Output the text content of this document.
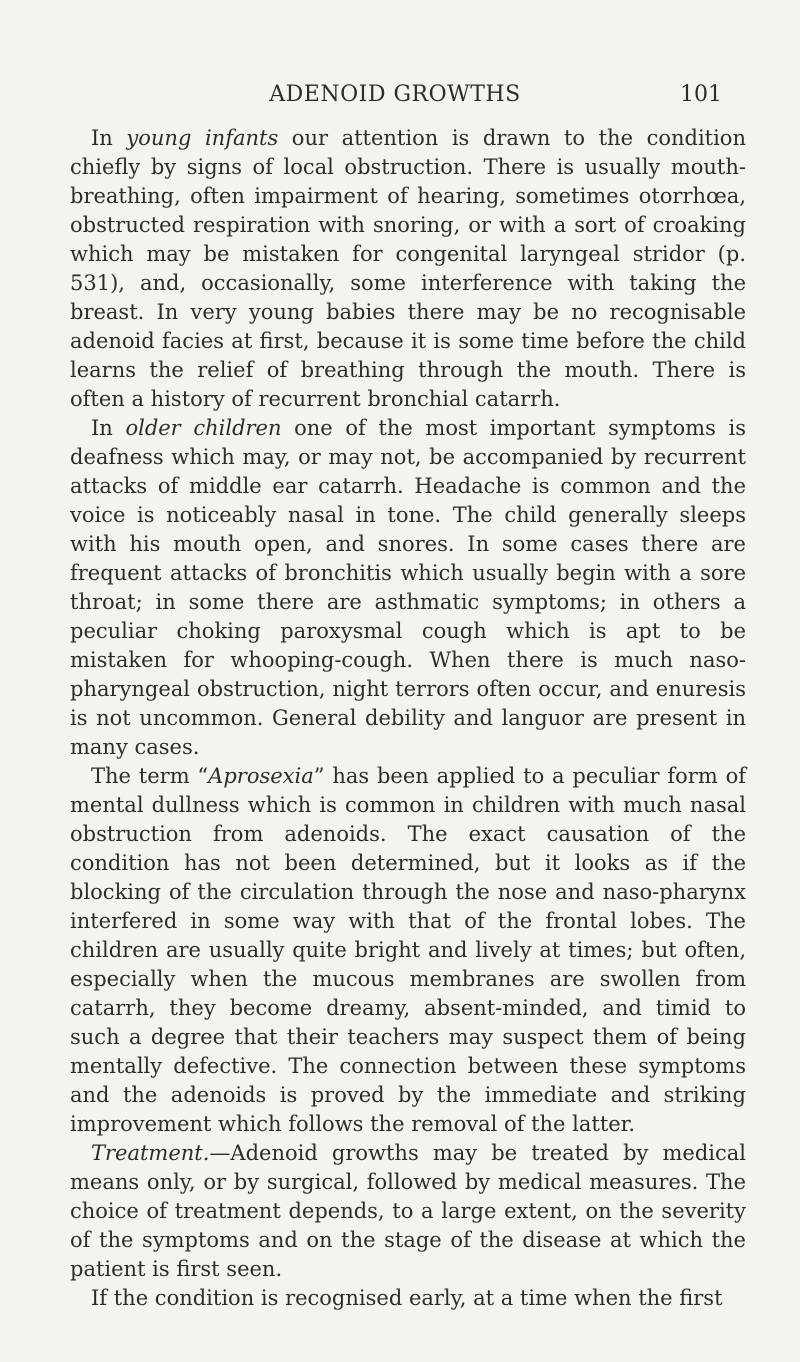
ADENOID GROWTHS	101

In young infants our attention is drawn to the condition chiefly by signs of local obstruction. There is usually mouth-breathing, often impairment of hearing, sometimes otorrhœa, obstructed respiration with snoring, or with a sort of croaking which may be mistaken for congenital laryngeal stridor (p. 531), and, occasionally, some interference with taking the breast. In very young babies there may be no recognisable adenoid facies at first, because it is some time before the child learns the relief of breathing through the mouth. There is often a history of recurrent bronchial catarrh.

In older children one of the most important symptoms is deafness which may, or may not, be accompanied by recurrent attacks of middle ear catarrh. Headache is common and the voice is noticeably nasal in tone. The child generally sleeps with his mouth open, and snores. In some cases there are frequent attacks of bronchitis which usually begin with a sore throat; in some there are asthmatic symptoms; in others a peculiar choking paroxysmal cough which is apt to be mistaken for whooping-cough. When there is much naso-pharyngeal obstruction, night terrors often occur, and enuresis is not uncommon. General debility and languor are present in many cases.

The term “Aprosexia” has been applied to a peculiar form of mental dullness which is common in children with much nasal obstruction from adenoids. The exact causation of the condition has not been determined, but it looks as if the blocking of the circulation through the nose and naso-pharynx interfered in some way with that of the frontal lobes. The children are usually quite bright and lively at times; but often, especially when the mucous membranes are swollen from catarrh, they become dreamy, absent-minded, and timid to such a degree that their teachers may suspect them of being mentally defective. The connection between these symptoms and the adenoids is proved by the immediate and striking improvement which follows the removal of the latter.

Treatment.—Adenoid growths may be treated by medical means only, or by surgical, followed by medical measures. The choice of treatment depends, to a large extent, on the severity of the symptoms and on the stage of the disease at which the patient is first seen.

If the condition is recognised early, at a time when the first
